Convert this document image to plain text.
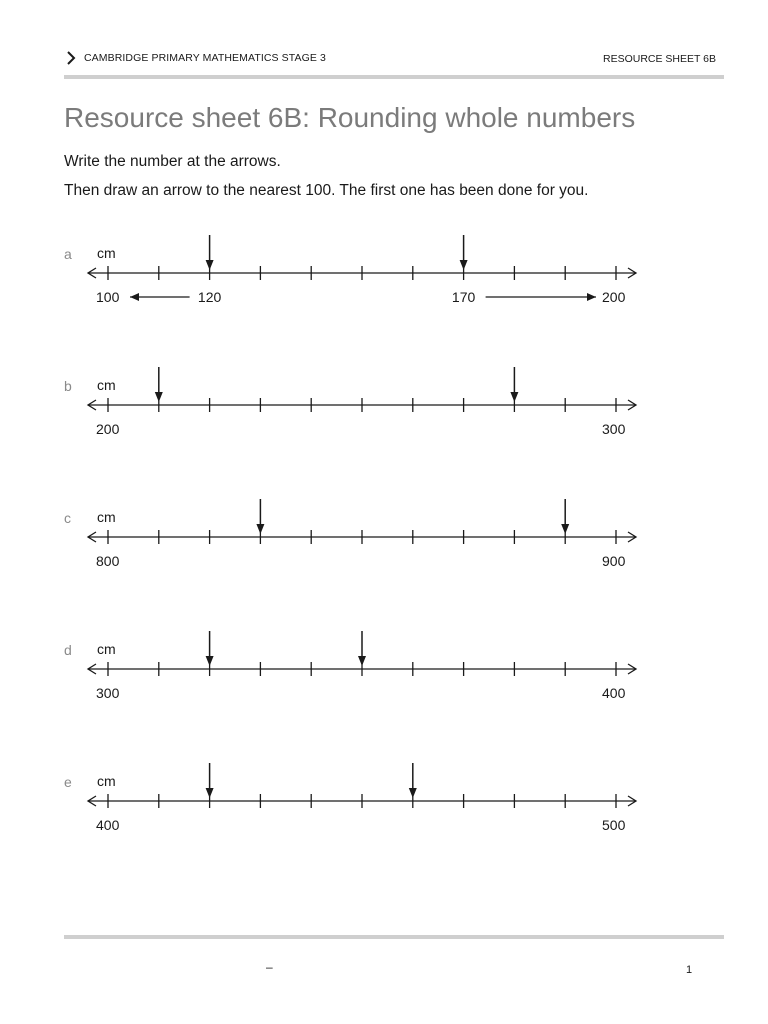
CAMBRIDGE PRIMARY MATHEMATICS STAGE 3	RESOURCE SHEET 6B
Resource sheet 6B: Rounding whole numbers
Write the number at the arrows.
Then draw an arrow to the nearest 100. The first one has been done for you.
a cm
100	200
120	170
b cm
200	300
c cm
800	900
d cm
300	400
e cm
400	500
–	1
